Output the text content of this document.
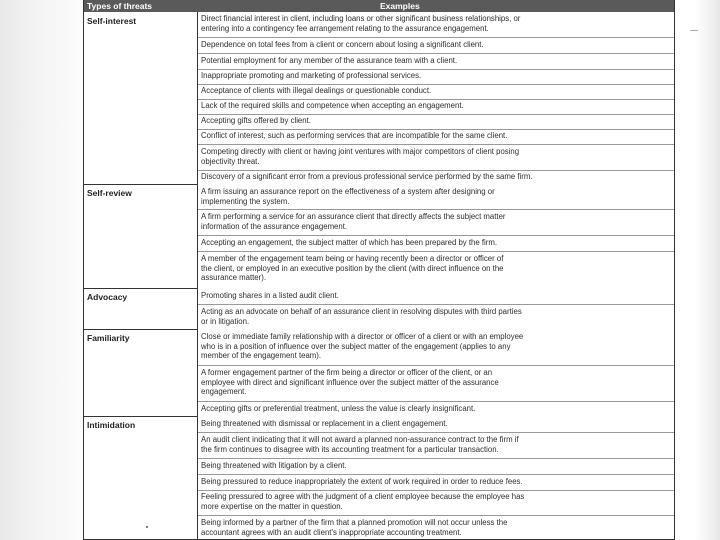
Types of threats	Examples
Self-interest
Self-review
Advocacy
Familiarity
Intimidation
Direct financial interest in client, including loans or other significant business relationships, or
entering into a contingency fee arrangement relating to the assurance engagement.
Dependence on total fees from a client or concern about losing a significant client.
Potential employment for any member of the assurance team with a client.
Inappropriate promoting and marketing of professional services.
Acceptance of clients with illegal dealings or questionable conduct.
Lack of the required skills and competence when accepting an engagement.
Accepting gifts offered by client.
Conflict of interest, such as performing services that are incompatible for the same client.
Competing directly with client or having joint ventures with major competitors of client posing
objectivity threat.
Discovery of a significant error from a previous professional service performed by the same firm.
A firm issuing an assurance report on the effectiveness of a system after designing or
implementing the system.
A firm performing a service for an assurance client that directly affects the subject matter
information of the assurance engagement.
Accepting an engagement, the subject matter of which has been prepared by the firm.
A member of the engagement team being or having recently been a director or officer of
the client, or employed in an executive position by the client (with direct influence on the
assurance matter).
Promoting shares in a listed audit client.
Acting as an advocate on behalf of an assurance client in resolving disputes with third parties
or in litigation.
Close or immediate family relationship with a director or officer of a client or with an employee
who is in a position of influence over the subject matter of the engagement (applies to any
member of the engagement team).
A former engagement partner of the firm being a director or officer of the client, or an
employee with direct and significant influence over the subject matter of the assurance
engagement.
Accepting gifts or preferential treatment, unless the value is clearly insignificant.
Being threatened with dismissal or replacement in a client engagement.
An audit client indicating that it will not award a planned non-assurance contract to the firm if
the firm continues to disagree with its accounting treatment for a particular transaction.
Being threatened with litigation by a client.
Being pressured to reduce inappropriately the extent of work required in order to reduce fees.
Feeling pressured to agree with the judgment of a client employee because the employee has
more expertise on the matter in question.
Being informed by a partner of the firm that a planned promotion will not occur unless the
accountant agrees with an audit client's inappropriate accounting treatment.
